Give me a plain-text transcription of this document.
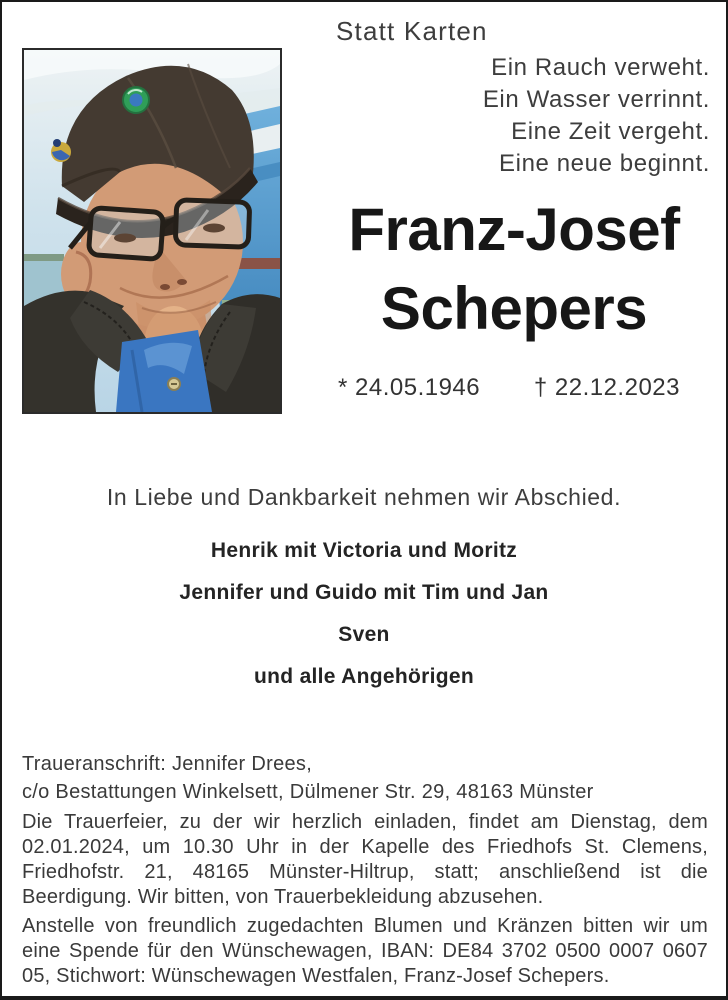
Statt Karten
Ein Rauch verweht.
Ein Wasser verrinnt.
Eine Zeit vergeht.
Eine neue beginnt.
Franz-Josef
Schepers
* 24.05.1946 † 22.12.2023
In Liebe und Dankbarkeit nehmen wir Abschied.
Henrik mit Victoria und Moritz
Jennifer und Guido mit Tim und Jan
Sven
und alle Angehörigen
Traueranschrift: Jennifer Drees,
c/o Bestattungen Winkelsett, Dülmener Str. 29, 48163 Münster
Die Trauerfeier, zu der wir herzlich einladen, findet am Dienstag, dem 02.01.2024, um 10.30 Uhr in der Kapelle des Friedhofs St. Clemens, Friedhofstr. 21, 48165 Münster-Hiltrup, statt; anschließend ist die Beerdigung. Wir bitten, von Trauerbekleidung abzusehen.
Anstelle von freundlich zugedachten Blumen und Kränzen bitten wir um eine Spende für den Wünschewagen, IBAN: DE84 3702 0500 0007 0607 05, Stichwort: Wünschewagen Westfalen, Franz-Josef Schepers.
